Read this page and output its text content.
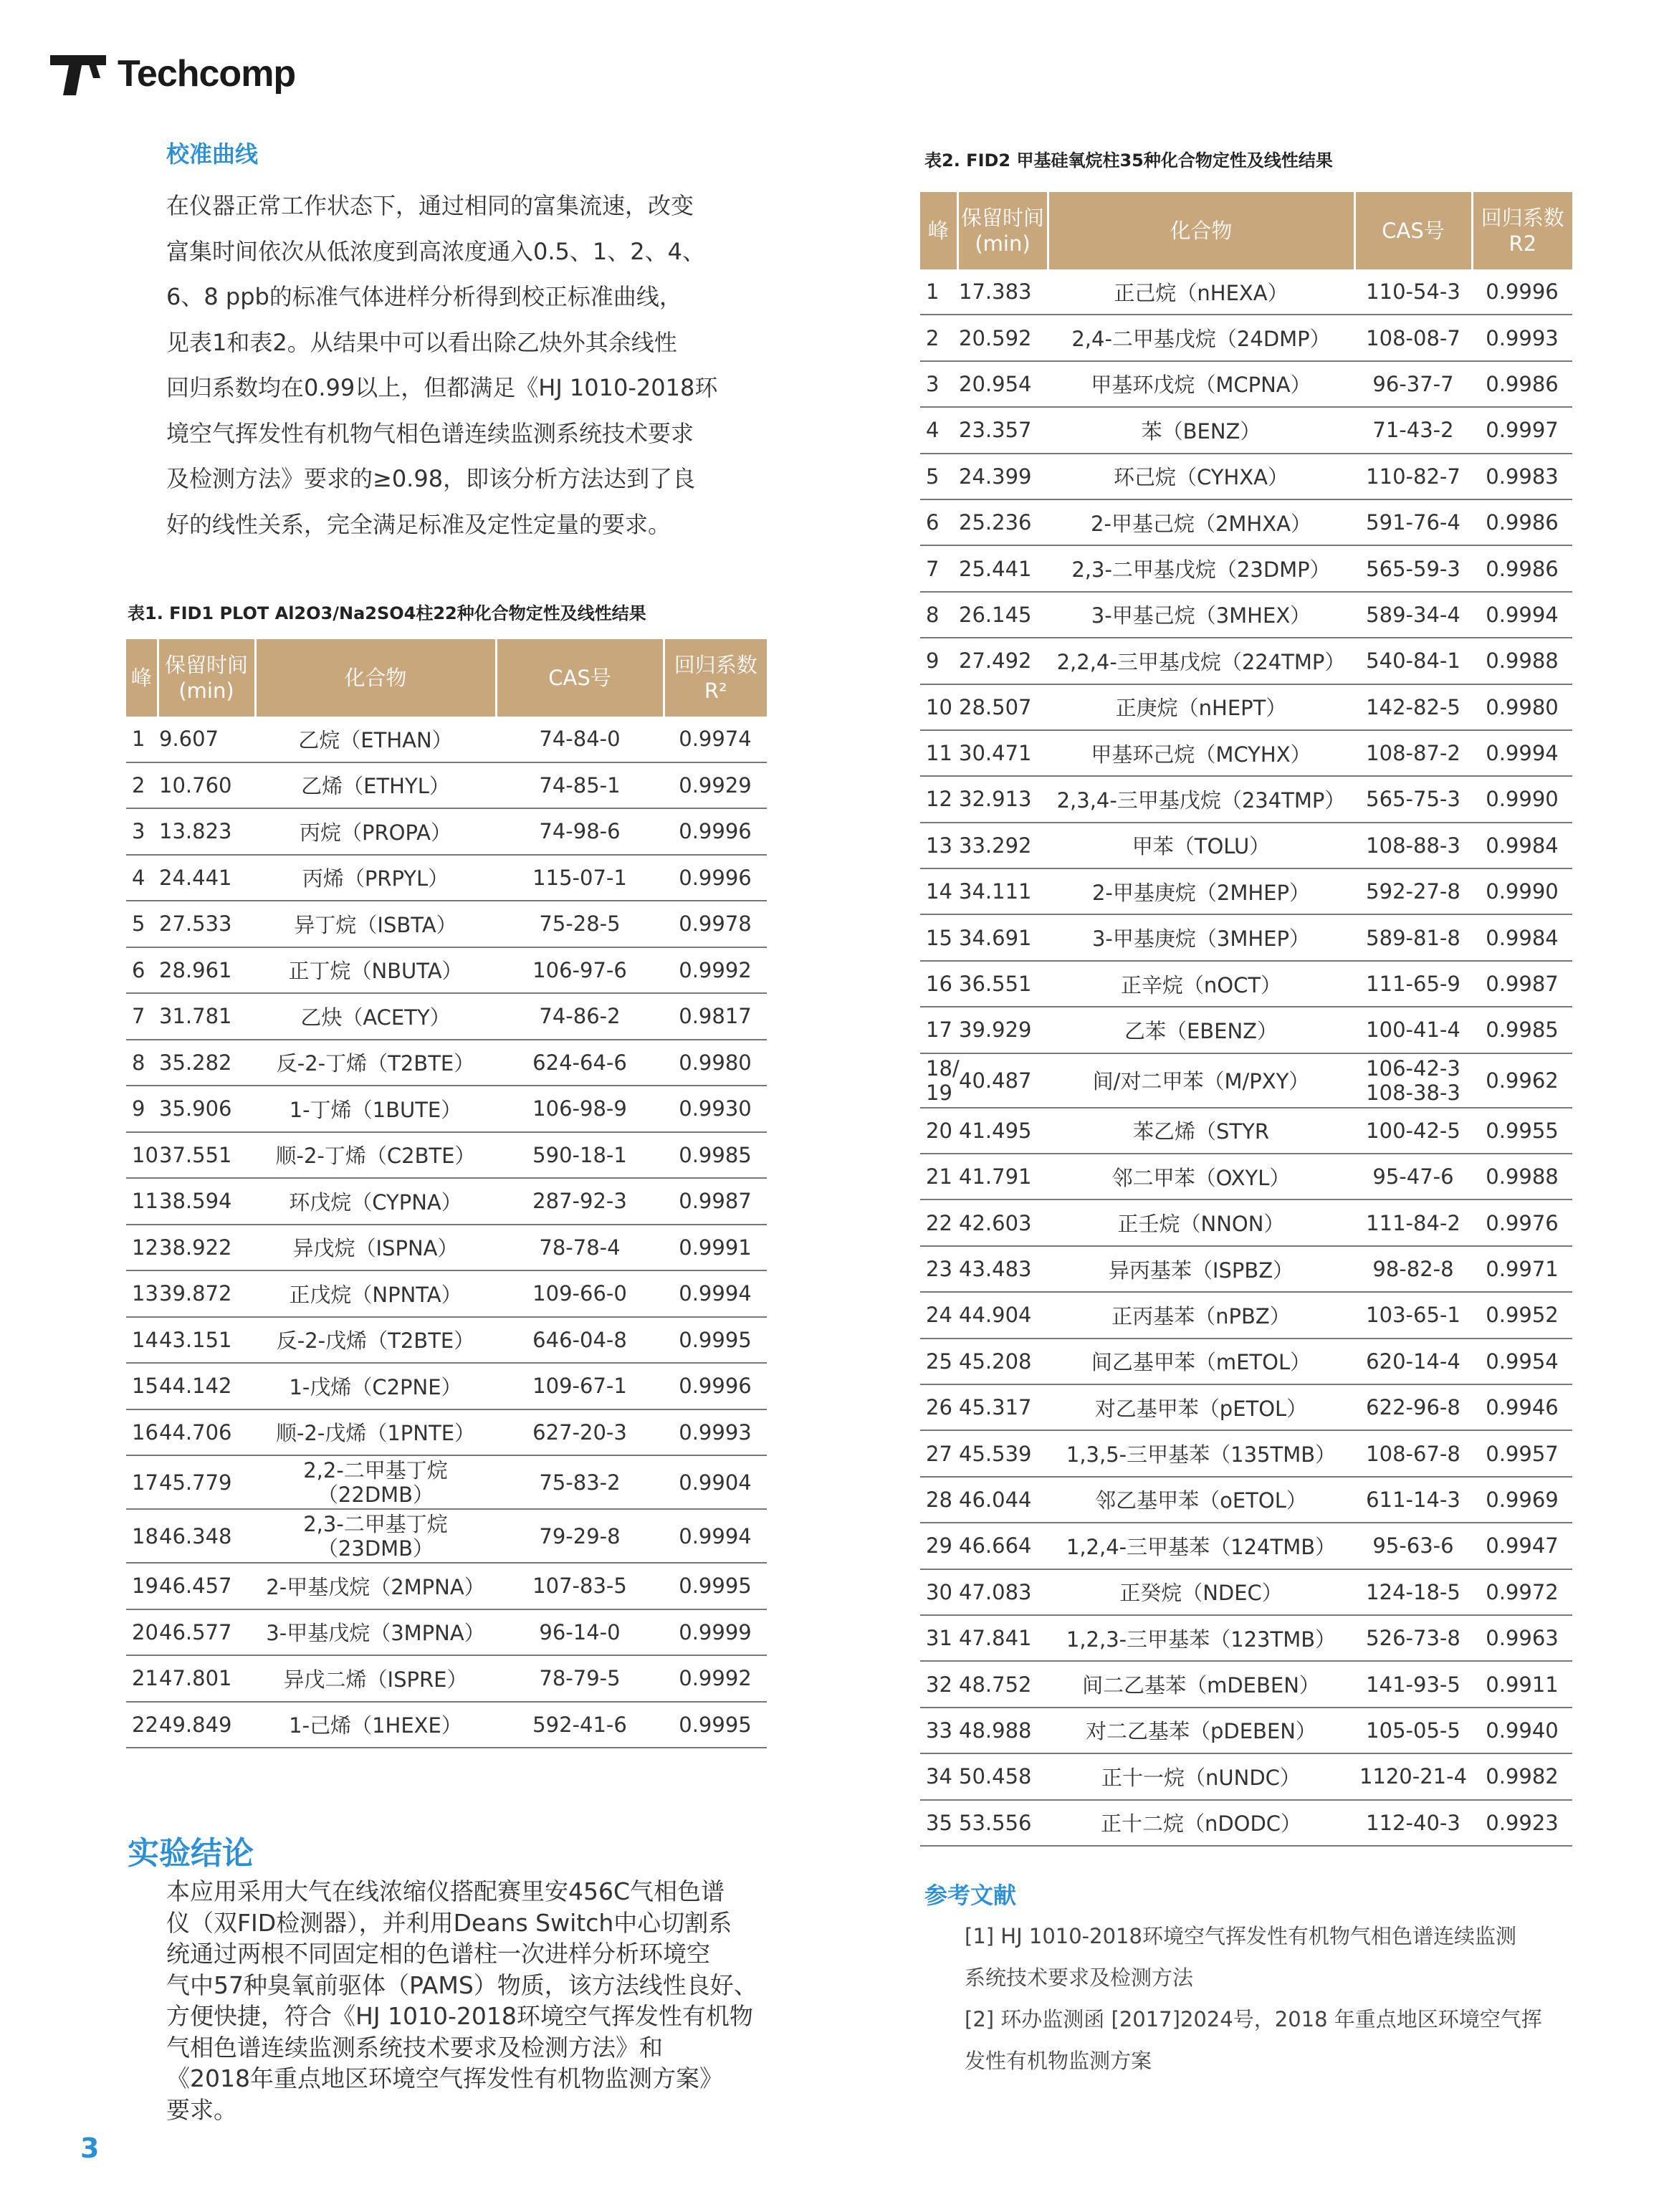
Techcomp
校准曲线
在仪器正常工作状态下，通过相同的富集流速，改变
富集时间依次从低浓度到高浓度通入0.5、1、2、4、
6、8 ppb的标准气体进样分析得到校正标准曲线，
见表1和表2。从结果中可以看出除乙炔外其余线性
回归系数均在0.99以上，但都满足《HJ 1010-2018环
境空气挥发性有机物气相色谱连续监测系统技术要求
及检测方法》要求的≥0.98，即该分析方法达到了良
好的线性关系，完全满足标准及定性定量的要求。
表1. FID1 PLOT Al2O3/Na2SO4柱22种化合物定性及线性结果
峰	保留时间(min)	化合物	CAS号	回归系数R²
1	9.607	乙烷（ETHAN）	74-84-0	0.9974
2	10.760	乙烯（ETHYL）	74-85-1	0.9929
3	13.823	丙烷（PROPA）	74-98-6	0.9996
4	24.441	丙烯（PRPYL）	115-07-1	0.9996
5	27.533	异丁烷（ISBTA）	75-28-5	0.9978
6	28.961	正丁烷（NBUTA）	106-97-6	0.9992
7	31.781	乙炔（ACETY）	74-86-2	0.9817
8	35.282	反-2-丁烯（T2BTE）	624-64-6	0.9980
9	35.906	1-丁烯（1BUTE）	106-98-9	0.9930
10	37.551	顺-2-丁烯（C2BTE）	590-18-1	0.9985
11	38.594	环戊烷（CYPNA）	287-92-3	0.9987
12	38.922	异戊烷（ISPNA）	78-78-4	0.9991
13	39.872	正戊烷（NPNTA）	109-66-0	0.9994
14	43.151	反-2-戊烯（T2BTE）	646-04-8	0.9995
15	44.142	1-戊烯（C2PNE）	109-67-1	0.9996
16	44.706	顺-2-戊烯（1PNTE）	627-20-3	0.9993
17	45.779	2,2-二甲基丁烷
（22DMB）	75-83-2	0.9904
18	46.348	2,3-二甲基丁烷
（23DMB）	79-29-8	0.9994
19	46.457	2-甲基戊烷（2MPNA）	107-83-5	0.9995
20	46.577	3-甲基戊烷（3MPNA）	96-14-0	0.9999
21	47.801	异戊二烯（ISPRE）	78-79-5	0.9992
22	49.849	1-己烯（1HEXE）	592-41-6	0.9995
实验结论
本应用采用大气在线浓缩仪搭配赛里安456C气相色谱
仪（双FID检测器），并利用Deans Switch中心切割系
统通过两根不同固定相的色谱柱一次进样分析环境空
气中57种臭氧前驱体（PAMS）物质，该方法线性良好、
方便快捷，符合《HJ 1010-2018环境空气挥发性有机物
气相色谱连续监测系统技术要求及检测方法》和
《2018年重点地区环境空气挥发性有机物监测方案》
要求。
表2. FID2 甲基硅氧烷柱35种化合物定性及线性结果
峰	保留时间(min)	化合物	CAS号	回归系数R2
1	17.383	正己烷（nHEXA）	110-54-3	0.9996
2	20.592	2,4-二甲基戊烷（24DMP）	108-08-7	0.9993
3	20.954	甲基环戊烷（MCPNA）	96-37-7	0.9986
4	23.357	苯（BENZ）	71-43-2	0.9997
5	24.399	环己烷（CYHXA）	110-82-7	0.9983
6	25.236	2-甲基己烷（2MHXA）	591-76-4	0.9986
7	25.441	2,3-二甲基戊烷（23DMP）	565-59-3	0.9986
8	26.145	3-甲基己烷（3MHEX）	589-34-4	0.9994
9	27.492	2,2,4-三甲基戊烷（224TMP）	540-84-1	0.9988
10	28.507	正庚烷（nHEPT）	142-82-5	0.9980
11	30.471	甲基环己烷（MCYHX）	108-87-2	0.9994
12	32.913	2,3,4-三甲基戊烷（234TMP）	565-75-3	0.9990
13	33.292	甲苯（TOLU）	108-88-3	0.9984
14	34.111	2-甲基庚烷（2MHEP）	592-27-8	0.9990
15	34.691	3-甲基庚烷（3MHEP）	589-81-8	0.9984
16	36.551	正辛烷（nOCT）	111-65-9	0.9987
17	39.929	乙苯（EBENZ）	100-41-4	0.9985

18/
19	40.487	间/对二甲苯（M/PXY）	106-42-3
108-38-3	0.9962
20	41.495	苯乙烯（STYR	100-42-5	0.9955
21	41.791	邻二甲苯（OXYL）	95-47-6	0.9988
22	42.603	正壬烷（NNON）	111-84-2	0.9976
23	43.483	异丙基苯（ISPBZ）	98-82-8	0.9971
24	44.904	正丙基苯（nPBZ）	103-65-1	0.9952
25	45.208	间乙基甲苯（mETOL）	620-14-4	0.9954
26	45.317	对乙基甲苯（pETOL）	622-96-8	0.9946
27	45.539	1,3,5-三甲基苯（135TMB）	108-67-8	0.9957
28	46.044	邻乙基甲苯（oETOL）	611-14-3	0.9969
29	46.664	1,2,4-三甲基苯（124TMB）	95-63-6	0.9947
30	47.083	正癸烷（NDEC）	124-18-5	0.9972
31	47.841	1,2,3-三甲基苯（123TMB）	526-73-8	0.9963
32	48.752	间二乙基苯（mDEBEN）	141-93-5	0.9911
33	48.988	对二乙基苯（pDEBEN）	105-05-5	0.9940
34	50.458	正十一烷（nUNDC）	1120-21-4	0.9982
35	53.556	正十二烷（nDODC）	112-40-3	0.9923
参考文献
[1] HJ 1010-2018环境空气挥发性有机物气相色谱连续监测
系统技术要求及检测方法
[2] 环办监测函 [2017]2024号，2018 年重点地区环境空气挥
发性有机物监测方案
3
